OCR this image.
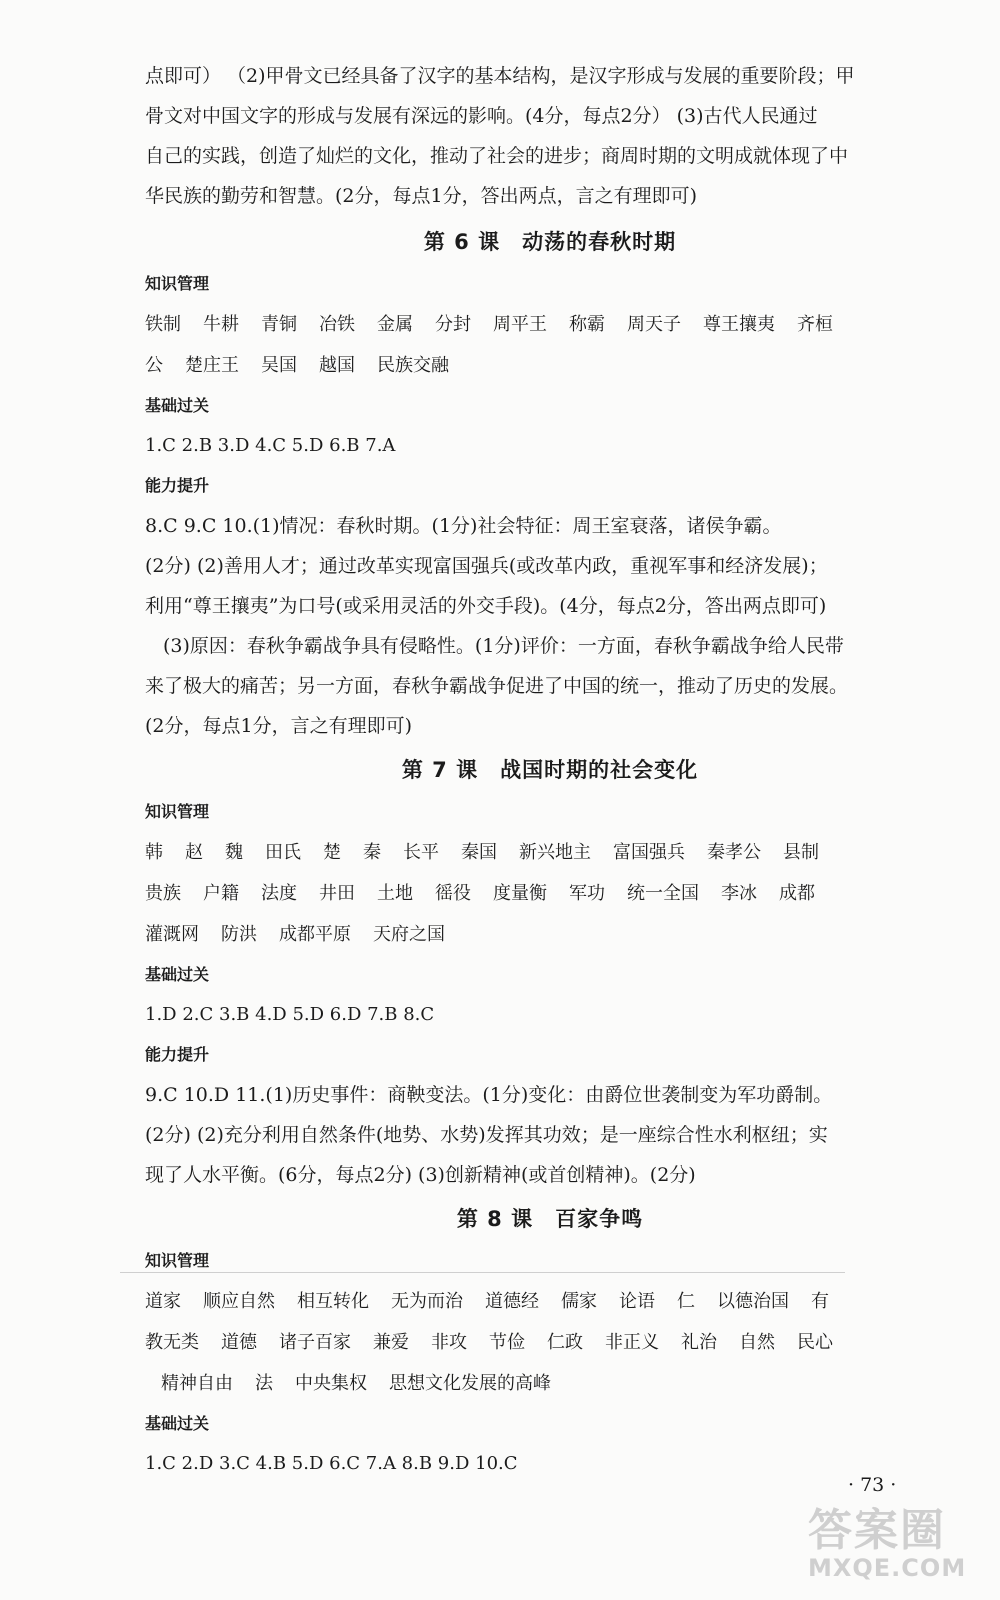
点即可） （2)甲骨文已经具备了汉字的基本结构，是汉字形成与发展的重要阶段；甲

骨文对中国文字的形成与发展有深远的影响。(4分，每点2分） (3)古代人民通过

自己的实践，创造了灿烂的文化，推动了社会的进步；商周时期的文明成就体现了中

华民族的勤劳和智慧。(2分，每点1分，答出两点，言之有理即可)

第 6 课 动荡的春秋时期

知识管理

铁制 牛耕 青铜 冶铁 金属 分封 周平王 称霸 周天子 尊王攘夷 齐桓

公 楚庄王 吴国 越国 民族交融

基础过关

1.C 2.B 3.D 4.C 5.D 6.B 7.A

能力提升

8.C 9.C 10.(1)情况：春秋时期。(1分)社会特征：周王室衰落，诸侯争霸。

(2分) (2)善用人才；通过改革实现富国强兵(或改革内政，重视军事和经济发展)；

利用“尊王攘夷”为口号(或采用灵活的外交手段)。(4分，每点2分，答出两点即可)

(3)原因：春秋争霸战争具有侵略性。(1分)评价：一方面，春秋争霸战争给人民带

来了极大的痛苦；另一方面，春秋争霸战争促进了中国的统一，推动了历史的发展。

(2分，每点1分，言之有理即可)

第 7 课 战国时期的社会变化

知识管理

韩 赵 魏 田氏 楚 秦 长平 秦国 新兴地主 富国强兵 秦孝公 县制

贵族 户籍 法度 井田 土地 徭役 度量衡 军功 统一全国 李冰 成都

灌溉网 防洪 成都平原 天府之国

基础过关

1.D 2.C 3.B 4.D 5.D 6.D 7.B 8.C

能力提升

9.C 10.D 11.(1)历史事件：商鞅变法。(1分)变化：由爵位世袭制变为军功爵制。

(2分) (2)充分利用自然条件(地势、水势)发挥其功效；是一座综合性水利枢纽；实

现了人水平衡。(6分，每点2分) (3)创新精神(或首创精神)。(2分)

第 8 课 百家争鸣

知识管理

道家 顺应自然 相互转化 无为而治 道德经 儒家 论语 仁 以德治国 有

教无类 道德 诸子百家 兼爱 非攻 节俭 仁政 非正义 礼治 自然 民心

精神自由 法 中央集权 思想文化发展的高峰

基础过关

1.C 2.D 3.C 4.B 5.D 6.C 7.A 8.B 9.D 10.C

· 73 ·
答案圈
MXQE.COM
